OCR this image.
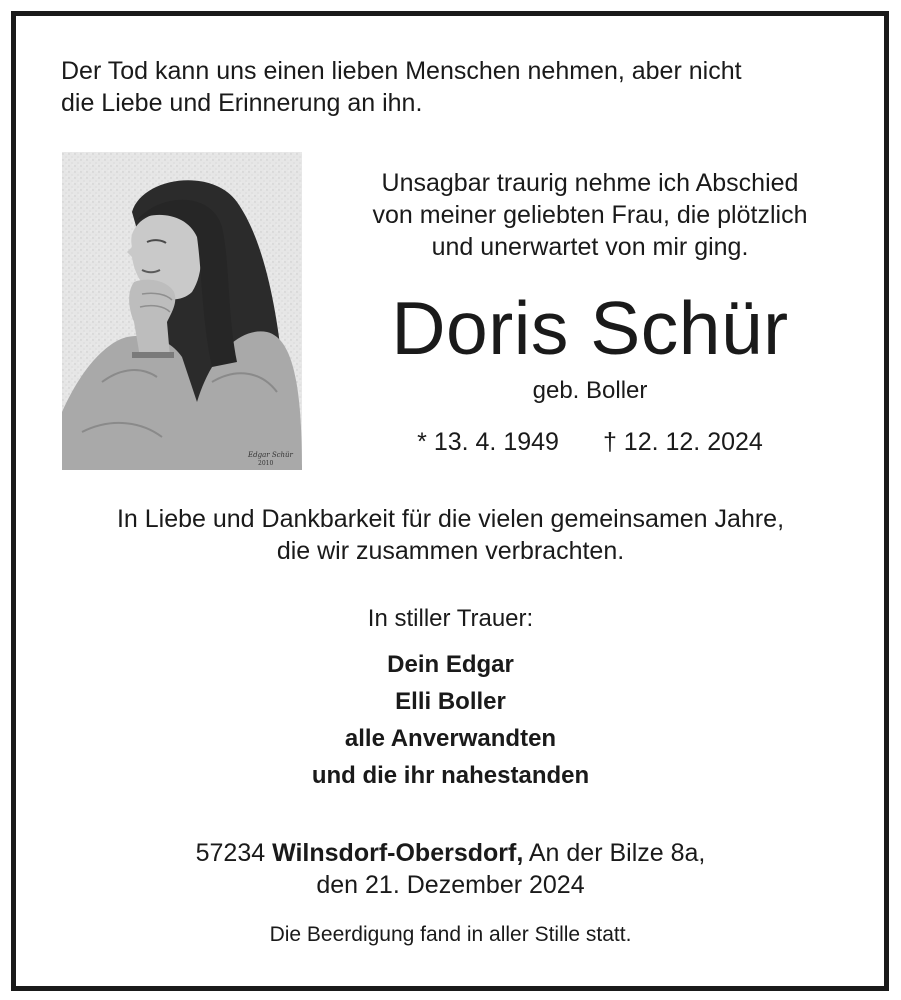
Der Tod kann uns einen lieben Menschen nehmen, aber nicht
die Liebe und Erinnerung an ihn.

Edgar Schür
2010

Unsagbar traurig nehme ich Abschied
von meiner geliebten Frau, die plötzlich
und unerwartet von mir ging.

Doris Schür

geb. Boller

* 13. 4. 1949 † 12. 12. 2024

In Liebe und Dankbarkeit für die vielen gemeinsamen Jahre,
die wir zusammen verbrachten.

In stiller Trauer:

Dein Edgar
Elli Boller
alle Anverwandten
und die ihr nahestanden

57234 Wilnsdorf-Obersdorf, An der Bilze 8a,
den 21. Dezember 2024

Die Beerdigung fand in aller Stille statt.
